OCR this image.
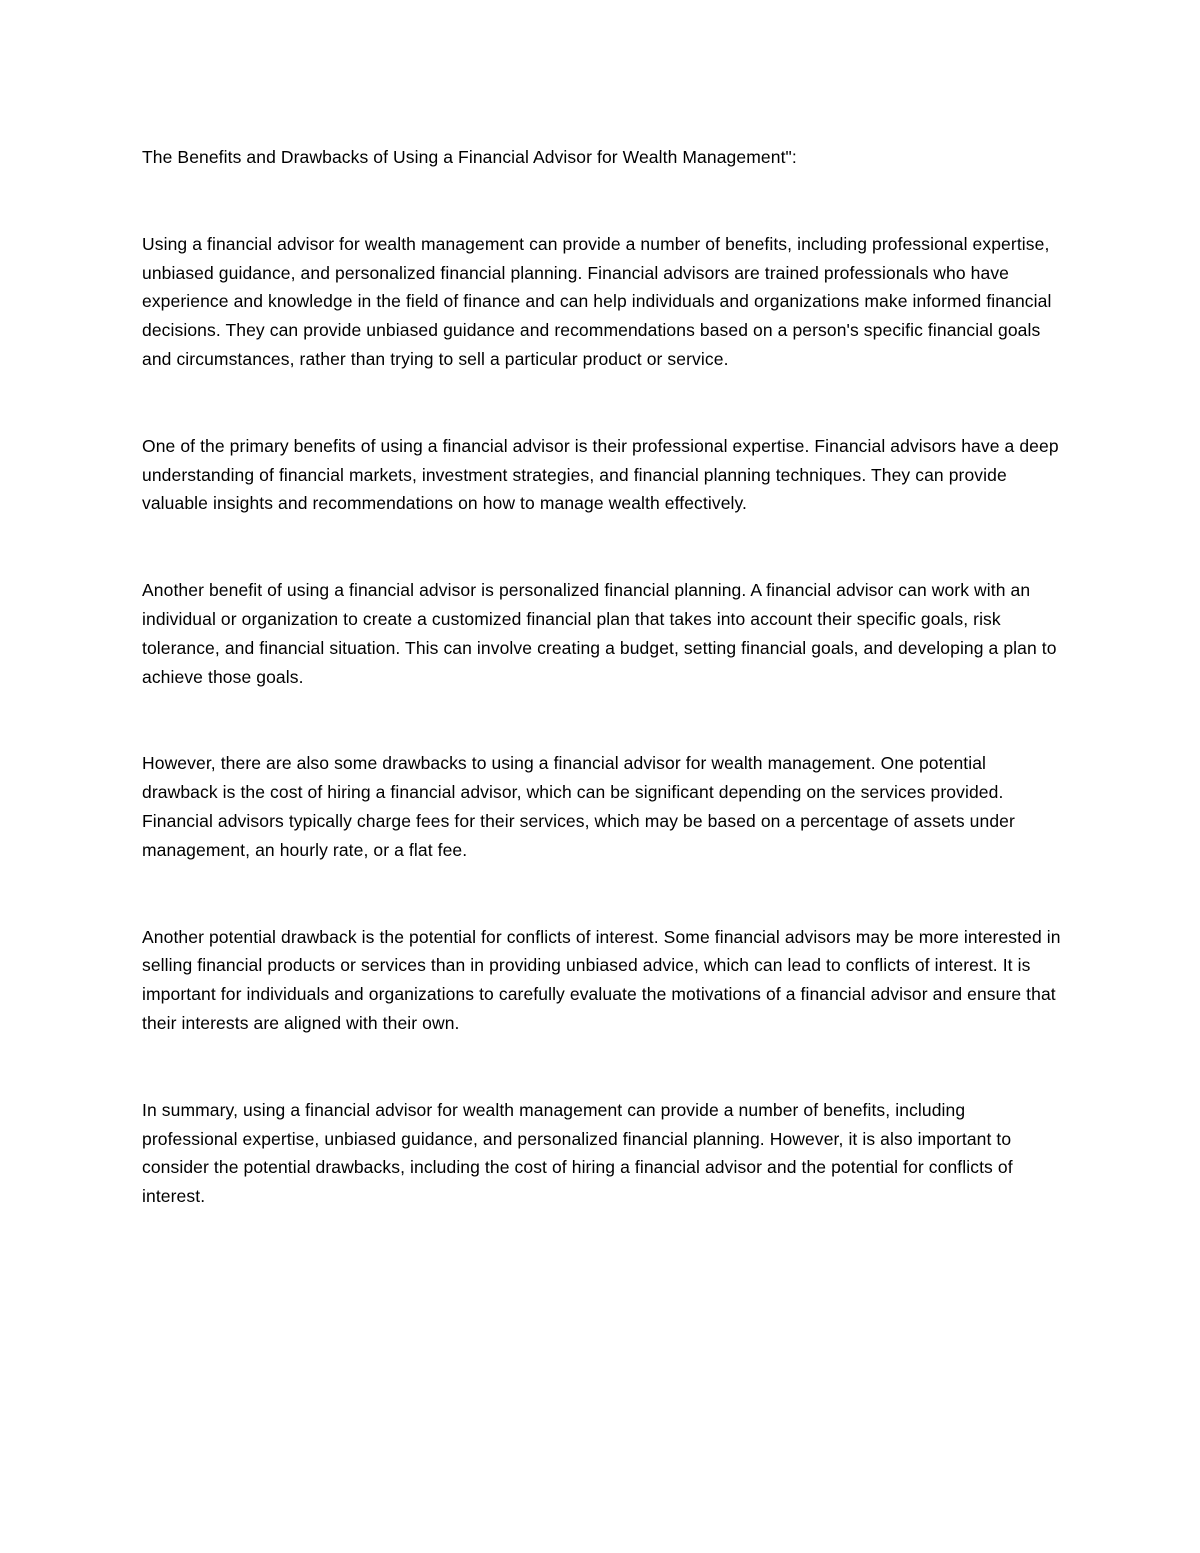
The Benefits and Drawbacks of Using a Financial Advisor for Wealth Management":

Using a financial advisor for wealth management can provide a number of benefits, including professional expertise, unbiased guidance, and personalized financial planning. Financial advisors are trained professionals who have experience and knowledge in the field of finance and can help individuals and organizations make informed financial decisions. They can provide unbiased guidance and recommendations based on a person's specific financial goals and circumstances, rather than trying to sell a particular product or service.

One of the primary benefits of using a financial advisor is their professional expertise. Financial advisors have a deep understanding of financial markets, investment strategies, and financial planning techniques. They can provide valuable insights and recommendations on how to manage wealth effectively.

Another benefit of using a financial advisor is personalized financial planning. A financial advisor can work with an individual or organization to create a customized financial plan that takes into account their specific goals, risk tolerance, and financial situation. This can involve creating a budget, setting financial goals, and developing a plan to achieve those goals.

However, there are also some drawbacks to using a financial advisor for wealth management. One potential drawback is the cost of hiring a financial advisor, which can be significant depending on the services provided. Financial advisors typically charge fees for their services, which may be based on a percentage of assets under management, an hourly rate, or a flat fee.

Another potential drawback is the potential for conflicts of interest. Some financial advisors may be more interested in selling financial products or services than in providing unbiased advice, which can lead to conflicts of interest. It is important for individuals and organizations to carefully evaluate the motivations of a financial advisor and ensure that their interests are aligned with their own.

In summary, using a financial advisor for wealth management can provide a number of benefits, including professional expertise, unbiased guidance, and personalized financial planning. However, it is also important to consider the potential drawbacks, including the cost of hiring a financial advisor and the potential for conflicts of interest.
